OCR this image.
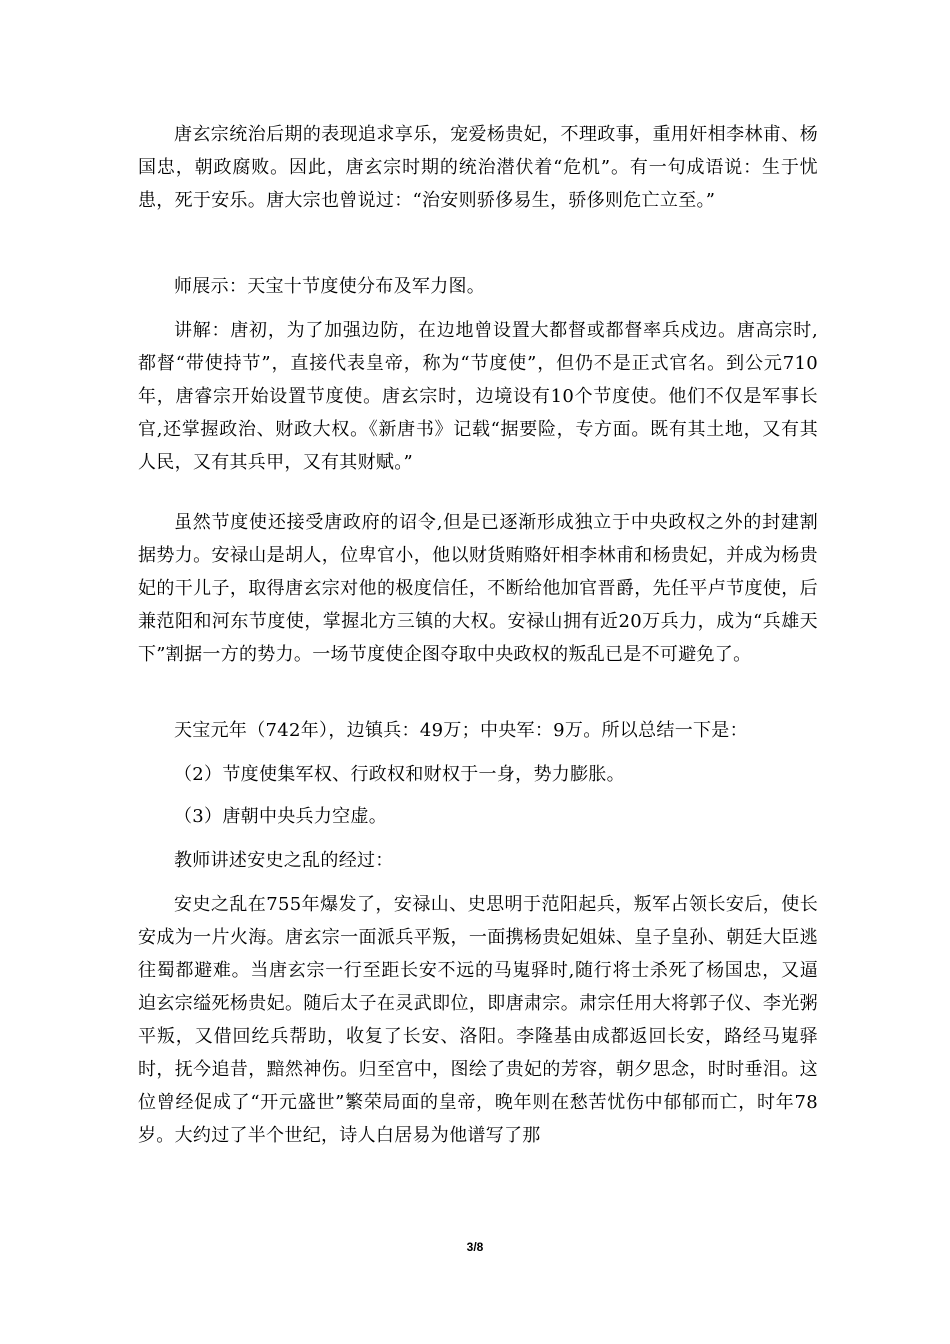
唐玄宗统治后期的表现追求享乐，宠爱杨贵妃，不理政事，重用奸相李林甫、杨国忠，朝政腐败。因此，唐玄宗时期的统治潜伏着“危机”。有一句成语说：生于忧患，死于安乐。唐大宗也曾说过：“治安则骄侈易生，骄侈则危亡立至。”

师展示：天宝十节度使分布及军力图。

讲解：唐初，为了加强边防，在边地曾设置大都督或都督率兵戍边。唐高宗时,都督“带使持节”，直接代表皇帝，称为“节度使”，但仍不是正式官名。到公元710年，唐睿宗开始设置节度使。唐玄宗时，边境设有10个节度使。他们不仅是军事长官,还掌握政治、财政大权。《新唐书》记载“据要险，专方面。既有其土地，又有其人民，又有其兵甲，又有其财赋。”

虽然节度使还接受唐政府的诏令,但是已逐渐形成独立于中央政权之外的封建割据势力。安禄山是胡人，位卑官小，他以财货贿赂奸相李林甫和杨贵妃，并成为杨贵妃的干儿子，取得唐玄宗对他的极度信任，不断给他加官晋爵，先任平卢节度使，后兼范阳和河东节度使，掌握北方三镇的大权。安禄山拥有近20万兵力，成为“兵雄天下”割据一方的势力。一场节度使企图夺取中央政权的叛乱已是不可避免了。

天宝元年（742年），边镇兵：49万；中央军：9万。所以总结一下是：

（2）节度使集军权、行政权和财权于一身，势力膨胀。

（3）唐朝中央兵力空虚。

教师讲述安史之乱的经过：

安史之乱在755年爆发了，安禄山、史思明于范阳起兵，叛军占领长安后，使长安成为一片火海。唐玄宗一面派兵平叛，一面携杨贵妃姐妹、皇子皇孙、朝廷大臣逃往蜀都避难。当唐玄宗一行至距长安不远的马嵬驿时,随行将士杀死了杨国忠，又逼迫玄宗缢死杨贵妃。随后太子在灵武即位，即唐肃宗。肃宗任用大将郭子仪、李光粥平叛，又借回纥兵帮助，收复了长安、洛阳。李隆基由成都返回长安，路经马嵬驿时，抚今追昔，黯然神伤。归至宫中，图绘了贵妃的芳容，朝夕思念，时时垂泪。这位曾经促成了“开元盛世”繁荣局面的皇帝，晚年则在愁苦忧伤中郁郁而亡，时年78岁。大约过了半个世纪，诗人白居易为他谱写了那

3/8
